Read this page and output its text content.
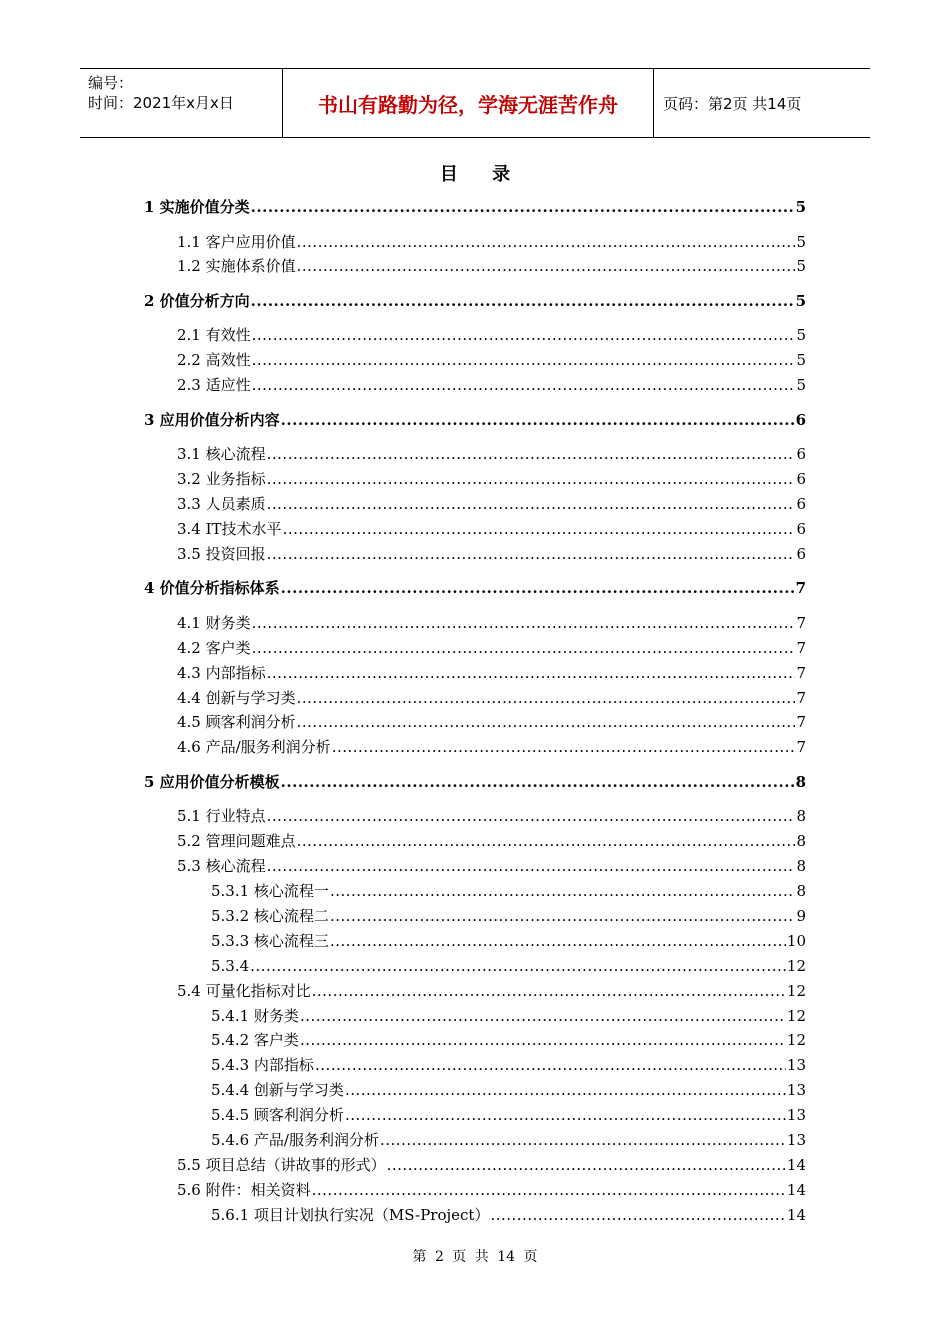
编号：
时间：2021年x月x日	书山有路勤为径，学海无涯苦作舟	页码：第2页 共14页
目 录
1 实施价值分类 .....	5
1.1 客户应用价值 .....	5
1.2 实施体系价值 .....	5
2 价值分析方向 .....	5
2.1 有效性 .....	5
2.2 高效性 .....	5
2.3 适应性 .....	5
3 应用价值分析内容 .....	6
3.1 核心流程 .....	6
3.2 业务指标 .....	6
3.3 人员素质 .....	6
3.4 IT技术水平 .....	6
3.5 投资回报 .....	6
4 价值分析指标体系 .....	7
4.1 财务类 .....	7
4.2 客户类 .....	7
4.3 内部指标 .....	7
4.4 创新与学习类 .....	7
4.5 顾客利润分析 .....	7
4.6 产品/服务利润分析 .....	7
5 应用价值分析模板 .....	8
5.1 行业特点 .....	8
5.2 管理问题难点 .....	8
5.3 核心流程 .....	8
5.3.1 核心流程一 .....	8
5.3.2 核心流程二 .....	9
5.3.3 核心流程三 .....	10
5.3.4 .....	12
5.4 可量化指标对比 .....	12
5.4.1 财务类 .....	12
5.4.2 客户类 .....	12
5.4.3 内部指标 .....	13
5.4.4 创新与学习类 .....	13
5.4.5 顾客利润分析 .....	13
5.4.6 产品/服务利润分析 .....	13
5.5 项目总结（讲故事的形式） .....	14
5.6 附件：相关资料 .....	14
5.6.1 项目计划执行实况（MS-Project） .....	14
第 2 页 共 14 页
